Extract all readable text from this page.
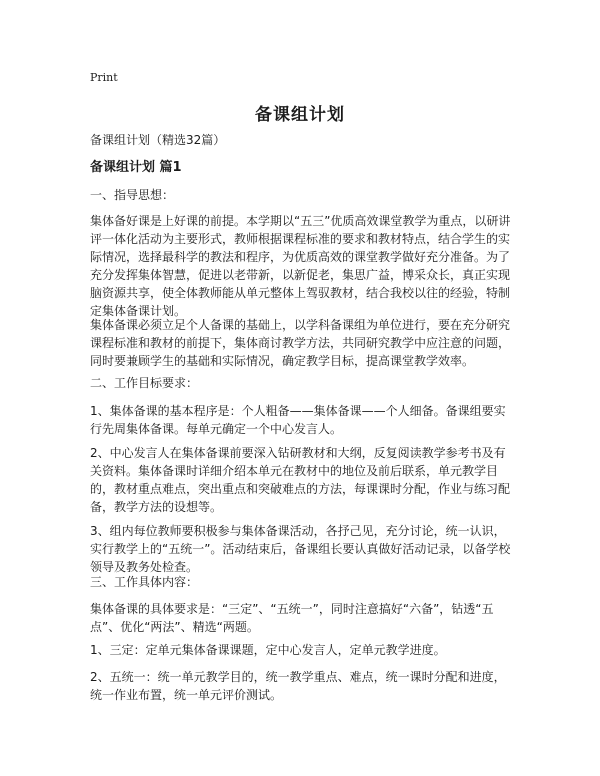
Print
备课组计划
备课组计划（精选32篇）
备课组计划 篇1
一、指导思想：
集体备好课是上好课的前提。本学期以“五三”优质高效课堂教学为重点，以研讲评一体化活动为主要形式，教师根据课程标准的要求和教材特点，结合学生的实际情况，选择最科学的教法和程序，为优质高效的课堂教学做好充分准备。为了充分发挥集体智慧，促进以老带新，以新促老，集思广益，博采众长，真正实现脑资源共享，使全体教师能从单元整体上驾驭教材，结合我校以往的经验，特制定集体备课计划。
集体备课必须立足个人备课的基础上，以学科备课组为单位进行，要在充分研究课程标准和教材的前提下，集体商讨教学方法，共同研究教学中应注意的问题，同时要兼顾学生的基础和实际情况，确定教学目标，提高课堂教学效率。
二、工作目标要求：
1、集体备课的基本程序是：个人粗备——集体备课——个人细备。备课组要实行先周集体备课。每单元确定一个中心发言人。
2、中心发言人在集体备课前要深入钻研教材和大纲，反复阅读教学参考书及有关资料。集体备课时详细介绍本单元在教材中的地位及前后联系，单元教学目的，教材重点难点，突出重点和突破难点的方法，每课课时分配，作业与练习配备，教学方法的设想等。
3、组内每位教师要积极参与集体备课活动，各抒己见，充分讨论，统一认识，实行教学上的“五统一”。活动结束后，备课组长要认真做好活动记录，以备学校领导及教务处检查。
三、工作具体内容：
集体备课的具体要求是：“三定”、“五统一”，同时注意搞好“六备”，钻透“五点”、优化“两法”、精选“两题。
1、三定：定单元集体备课课题，定中心发言人，定单元教学进度。
2、五统一：统一单元教学目的，统一教学重点、难点，统一课时分配和进度，统一作业布置，统一单元评价测试。
